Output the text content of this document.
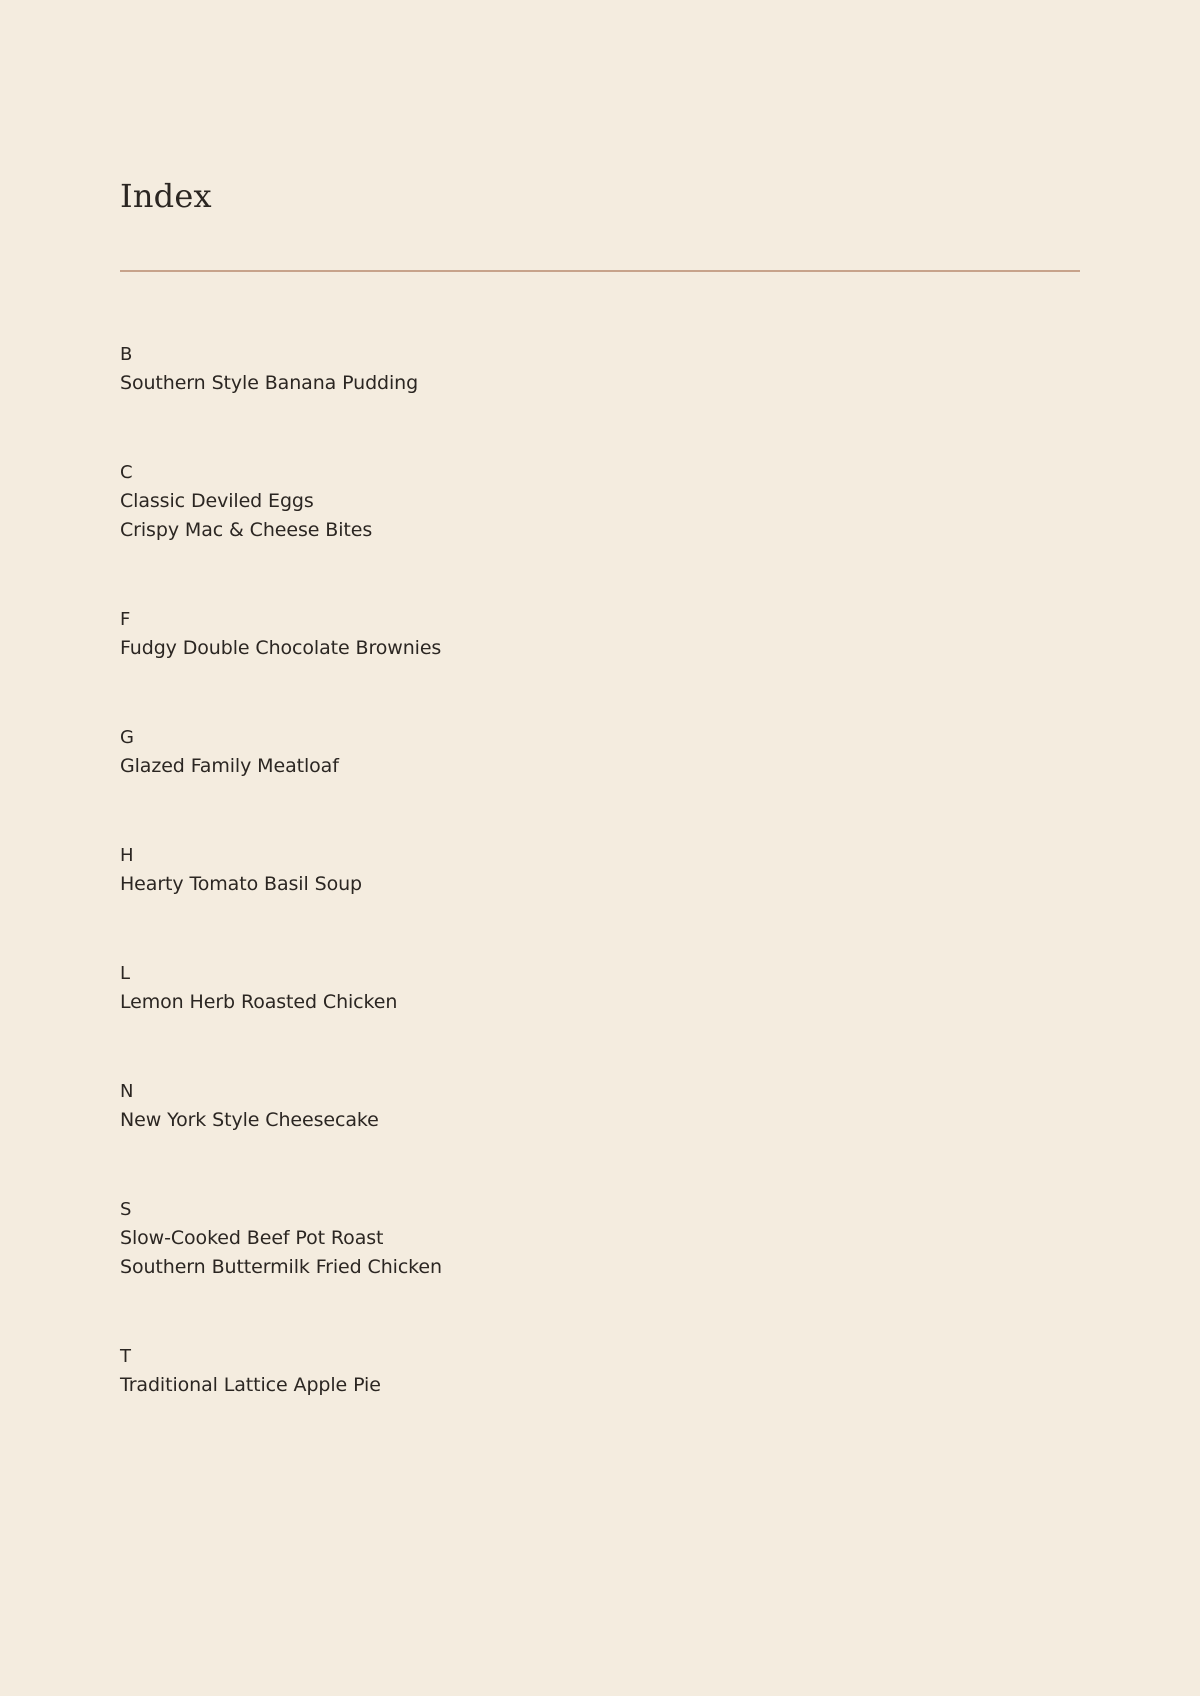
Index
B
Southern Style Banana Pudding
C
Classic Deviled Eggs
Crispy Mac & Cheese Bites
F
Fudgy Double Chocolate Brownies
G
Glazed Family Meatloaf
H
Hearty Tomato Basil Soup
L
Lemon Herb Roasted Chicken
N
New York Style Cheesecake
S
Slow-Cooked Beef Pot Roast
Southern Buttermilk Fried Chicken
T
Traditional Lattice Apple Pie
